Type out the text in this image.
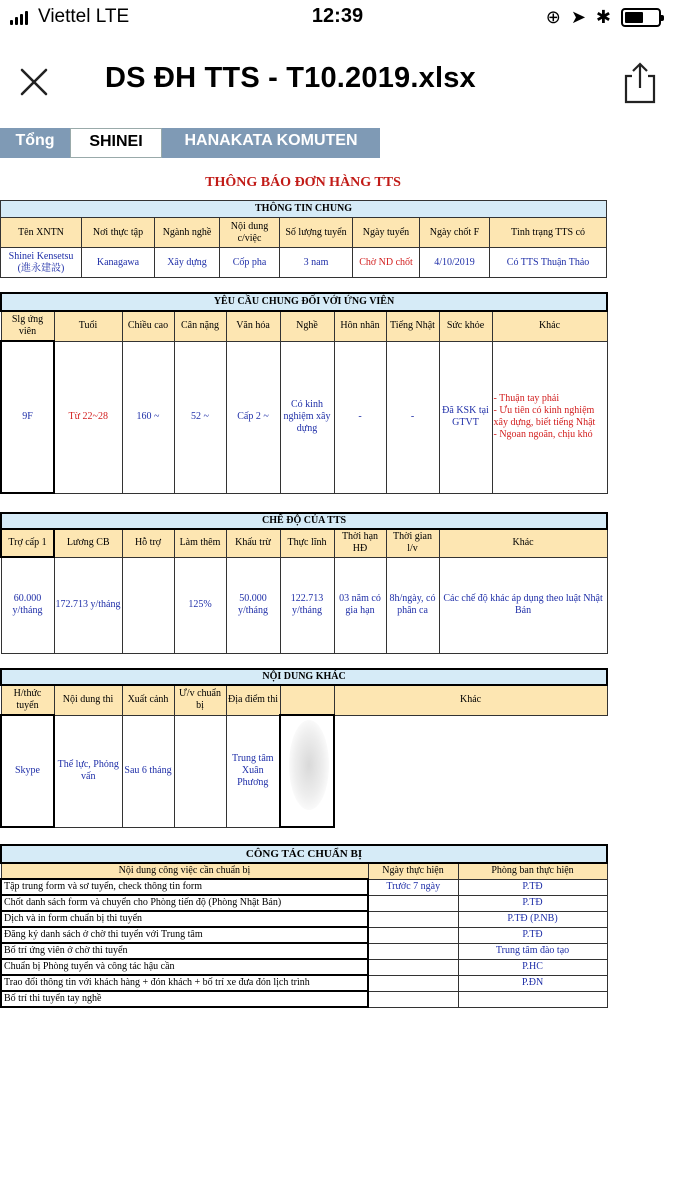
Viettel LTE	12:39	⊕ ➤ ✱
DS ĐH TTS - T10.2019.xlsx
Tổng	SHINEI	HANAKATA KOMUTEN
THÔNG BÁO ĐƠN HÀNG TTS
THÔNG TIN CHUNG							
Tên XNTN	Nơi thực tập	Ngành nghề	Nội dung c/việc	Số lượng tuyển	Ngày tuyển	Ngày chốt F	Tình trạng TTS có
Shinei Kensetsu (進永建設)	Kanagawa	Xây dựng	Cốp pha	3 nam	Chờ ND chốt	4/10/2019	Có TTS Thuận Thảo
YÊU CẦU CHUNG ĐỐI VỚI ỨNG VIÊN									
Slg ứng viên	Tuổi	Chiều cao	Cân nặng	Văn hóa	Nghề	Hôn nhân	Tiếng Nhật	Sức khỏe	Khác
9F	Từ 22~28	160 ~	52 ~	Cấp 2 ~	Có kinh nghiệm xây dựng	-	-	Đã KSK tại GTVT	- Thuận tay phải
- Ưu tiên có kinh nghiệm xây dựng, biết tiếng Nhật
- Ngoan ngoãn, chịu khó
CHẾ ĐỘ CỦA TTS								
Trợ cấp 1	Lương CB	Hỗ trợ	Làm thêm	Khấu trừ	Thực lĩnh	Thời hạn HĐ	Thời gian l/v	Khác
60.000 y/tháng	172.713 y/tháng		125%	50.000 y/tháng	122.713 y/tháng	03 năm có gia hạn	8h/ngày, có phân ca	Các chế độ khác áp dụng theo luật Nhật Bản
NỘI DUNG KHÁC						
H/thức tuyển	Nội dung thi	Xuất cảnh	Ư/v chuẩn bị	Địa điểm thi		Khác
Skype	Thể lực, Phỏng vấn	Sau 6 tháng		Trung tâm Xuân Phương		
CÔNG TÁC CHUẨN BỊ		
Nội dung công việc cần chuẩn bị	Ngày thực hiện	Phòng ban thực hiện
Tập trung form và sơ tuyển, check thông tin form	Trước 7 ngày	P.TĐ
Chốt danh sách form và chuyển cho Phòng tiến độ (Phòng Nhật Bản)		P.TĐ
Dịch và in form chuẩn bị thi tuyển		P.TĐ (P.NB)
Đăng ký danh sách ở chờ thi tuyển với Trung tâm		P.TĐ
Bố trí ứng viên ở chờ thi tuyển		Trung tâm đào tạo
Chuẩn bị Phòng tuyển và công tác hậu cần		P.HC
Trao đổi thông tin với khách hàng + đón khách + bố trí xe đưa đón lịch trình		P.ĐN
Bố trí thi tuyển tay nghề		
